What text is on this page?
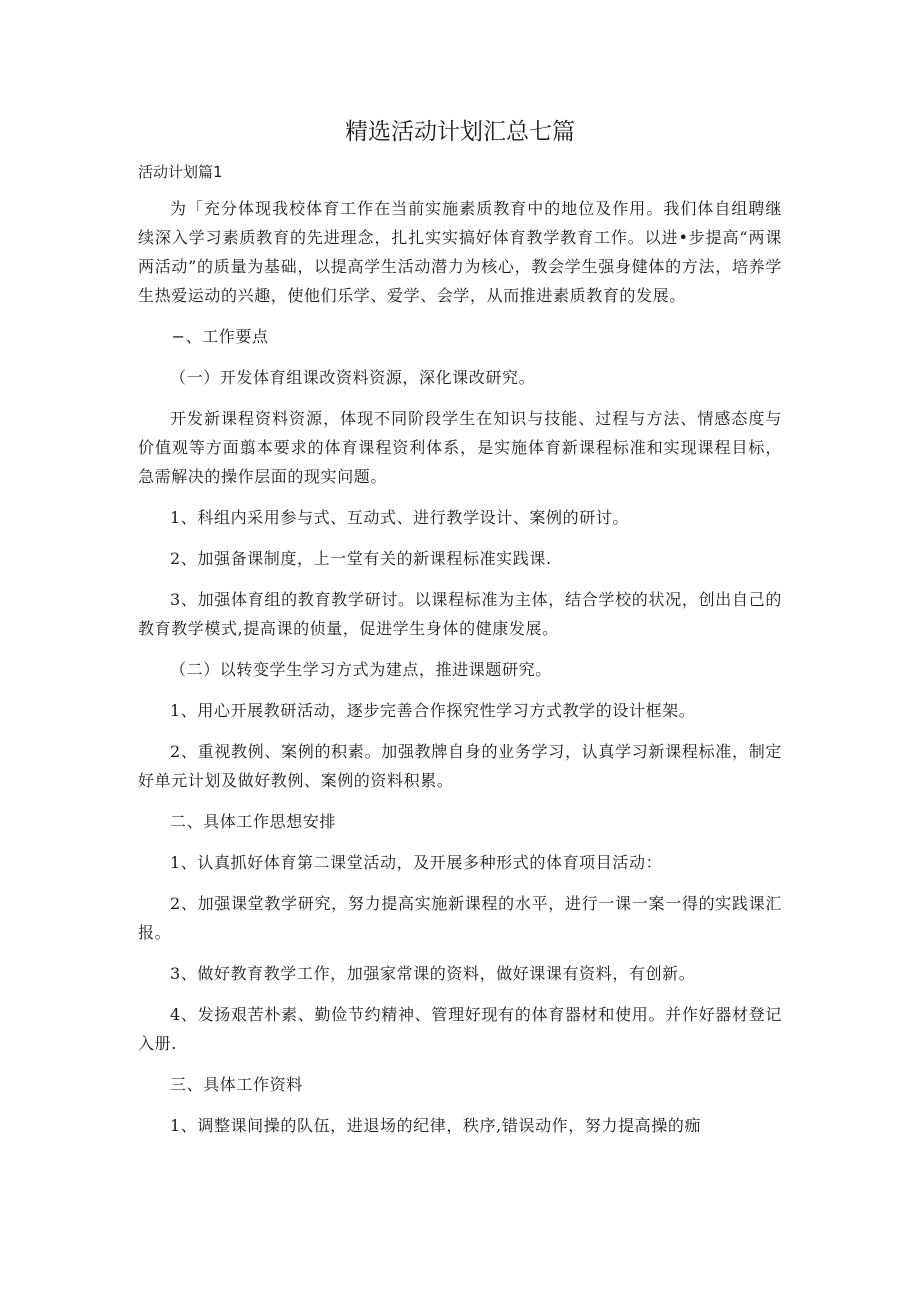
精选活动计划汇总七篇

活动计划篇1

为「充分体现我校体育工作在当前实施素质教育中的地位及作用。我们体自组聘继续深入学习素质教育的先进理念，扎扎实实搞好体育教学教育工作。以进•步提高“两课两活动”的质量为基础，以提高学生活动潜力为核心，教会学生强身健体的方法，培养学生热爱运动的兴趣，使他们乐学、爱学、会学，从而推进素质教育的发展。

−、工作要点

（一）开发体育组课改资料资源，深化课改研究。

开发新课程资料资源，体现不同阶段学生在知识与技能、过程与方法、情感态度与价值观等方面翦本要求的体育课程资利体系，是实施体育新课程标准和实现课程目标，急需解决的操作层面的现实问题。

1、科组内采用参与式、互动式、进行教学设计、案例的研讨。

2、加强备课制度，上一堂有关的新课程标准实践课.

3、加强体育组的教育教学研讨。以课程标准为主体，结合学校的状况，创出自己的教育教学模式,提高课的侦量，促进学生身体的健康发展。

（二）以转变学生学习方式为建点，推进课题研究。

1、用心开展教研活动，逐步完善合作探究性学习方式教学的设计框架。

2、重视教例、案例的积素。加强教牌自身的业务学习，认真学习新课程标准，制定好单元计划及做好教例、案例的资料积累。

二、具体工作思想安排

1、认真抓好体育第二课堂活动，及开展多种形式的体育项目活动：

2、加强课堂教学研究，努力提高实施新课程的水平，进行一课一案一得的实践课汇报。

3、做好教育教学工作，加强家常课的资料，做好课课有资料，有创新。

4、发扬艰苦朴素、勤俭节约精神、管理好现有的体育器材和使用。并作好器材登记入册.

三、具体工作资料

1、调整课间操的队伍，进退场的纪律，秩序,错误动作，努力提高操的痂
